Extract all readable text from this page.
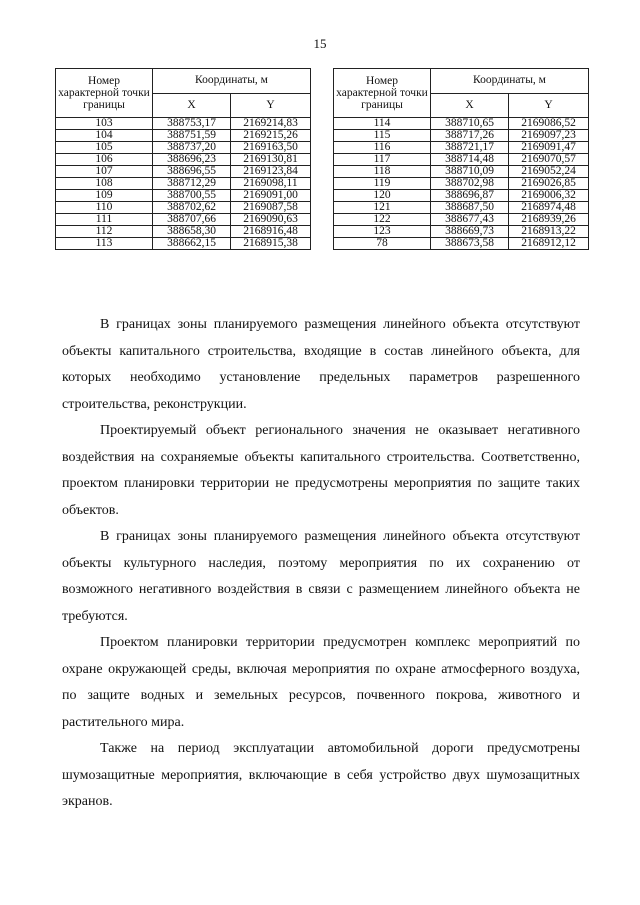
15
Номер характерной точки границы	Координаты, м	
	X	Y
103	388753,17	2169214,83
104	388751,59	2169215,26
105	388737,20	2169163,50
106	388696,23	2169130,81
107	388696,55	2169123,84
108	388712,29	2169098,11
109	388700,55	2169091,00
110	388702,62	2169087,58
111	388707,66	2169090,63
112	388658,30	2168916,48
113	388662,15	2168915,38
Номер характерной точки границы	Координаты, м	
	X	Y
114	388710,65	2169086,52
115	388717,26	2169097,23
116	388721,17	2169091,47
117	388714,48	2169070,57
118	388710,09	2169052,24
119	388702,98	2169026,85
120	388696,87	2169006,32
121	388687,50	2168974,48
122	388677,43	2168939,26
123	388669,73	2168913,22
78	388673,58	2168912,12

В границах зоны планируемого размещения линейного объекта отсутствуют объекты капитального строительства, входящие в состав линейного объекта, для которых необходимо установление предельных параметров разрешенного строительства, реконструкции.

Проектируемый объект регионального значения не оказывает негативного воздействия на сохраняемые объекты капитального строительства. Соответственно, проектом планировки территории не предусмотрены мероприятия по защите таких объектов.

В границах зоны планируемого размещения линейного объекта отсутствуют объекты культурного наследия, поэтому мероприятия по их сохранению от возможного негативного воздействия в связи с размещением линейного объекта не требуются.

Проектом планировки территории предусмотрен комплекс мероприятий по охране окружающей среды, включая мероприятия по охране атмосферного воздуха, по защите водных и земельных ресурсов, почвенного покрова, животного и растительного мира.

Также на период эксплуатации автомобильной дороги предусмотрены шумозащитные мероприятия, включающие в себя устройство двух шумозащитных экранов.
